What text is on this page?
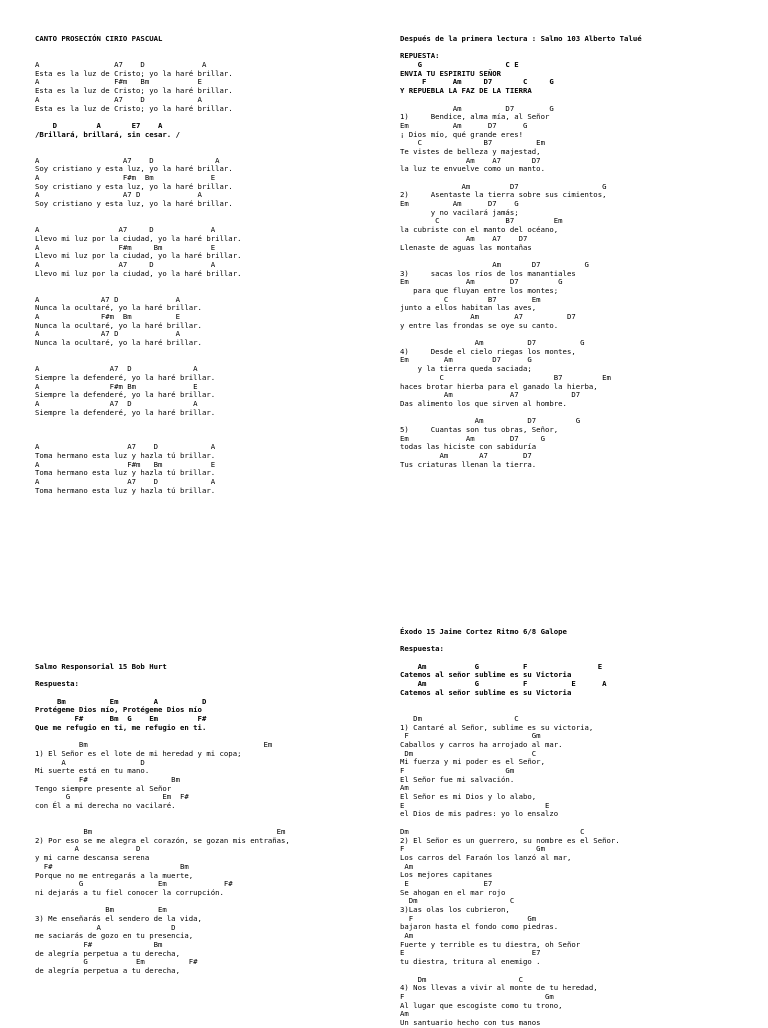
CANTO PROSECIÓN CIRIO PASCUAL
A                 A7    D             A
Esta es la luz de Cristo; yo la haré brillar.
A                 F#m   Bm           E
Esta es la luz de Cristo; yo la haré brillar.
A                 A7    D            A
Esta es la luz de Cristo; yo la haré brillar.
D         A       E7    A
/Brillará, brillará, sin cesar. /
A                   A7    D              A
Soy cristiano y esta luz, yo la haré brillar.
A                   F#m  Bm             E
Soy cristiano y esta luz, yo la haré brillar.
A                   A7 D             A
Soy cristiano y esta luz, yo la haré brillar.
A                  A7     D             A
Llevo mi luz por la ciudad, yo la haré brillar.
A                  F#m     Bm           E
Llevo mi luz por la ciudad, yo la haré brillar.
A                  A7     D             A
Llevo mi luz por la ciudad, yo la haré brillar.
A              A7 D             A
Nunca la ocultaré, yo la haré brillar.
A              F#m  Bm          E
Nunca la ocultaré, yo la haré brillar.
A              A7 D             A
Nunca la ocultaré, yo la haré brillar.
A                A7  D              A
Siempre la defenderé, yo la haré brillar.
A                F#m Bm             E
Siempre la defenderé, yo la haré brillar.
A                A7  D              A
Siempre la defenderé, yo la haré brillar.
A                    A7    D            A
Toma hermano esta luz y hazla tú brillar.
A                    F#m   Bm           E
Toma hermano esta luz y hazla tú brillar.
A                    A7    D            A
Toma hermano esta luz y hazla tú brillar.
Después de la primera lectura : Salmo 103 Alberto Talué
REPUESTA:
G                   C E
ENVIA TU ESPIRITU SEÑOR
F      Am     D7       C     G
Y REPUEBLA LA FAZ DE LA TIERRA
Am          D7        G
1)     Bendice, alma mía, al Señor
Em          Am      D7      G
¡ Dios mío, qué grande eres!
C              B7          Em
Te vistes de belleza y majestad,
Am    A7       D7
la luz te envuelve como un manto.
Am         D7                   G
2)     Asentaste la tierra sobre sus cimientos,
Em          Am      D7    G
y no vacilará jamás;
C               B7         Em
la cubriste con el manto del océano,
Am    A7    D7
Llenaste de aguas las montañas
Am       D7          G
3)     sacas los ríos de los manantiales
Em             Am        D7         G
para que fluyan entre los montes;
C         B7        Em
junto a ellos habitan las aves,
Am        A7          D7
y entre las frondas se oye su canto.
Am          D7          G
4)     Desde el cielo riegas los montes,
Em        Am         D7      G
y la tierra queda saciada;
C                         B7         Em
haces brotar hierba para el ganado la hierba,
Am             A7            D7
Das alimento los que sirven al hombre.
Am          D7         G
5)     Cuantas son tus obras, Señor,
Em             Am        D7     G
todas las hiciste con sabiduría
Am       A7        D7
Tus criaturas llenan la tierra.
Salmo Responsorial 15 Bob Hurt
Respuesta:
Bm          Em        A          D
Protégeme Dios mío, Protégeme Dios mío
F#      Bm  G    Em         F#
Que me refugio en ti, me refugio en ti.
Bm                                        Em
1) El Señor es el lote de mi heredad y mi copa;
A                 D
Mi suerte está en tu mano.
F#                   Bm
Tengo siempre presente al Señor
G                     Em  F#
con Él a mi derecha no vacilaré.
Bm                                          Em
2) Por eso se me alegra el corazón, se gozan mis entrañas,
A             D
y mi carne descansa serena
F#                             Bm
Porque no me entregarás a la muerte,
G                 Em             F#
ni dejarás a tu fiel conocer la corrupción.
Bm          Em
3) Me enseñarás el sendero de la vida,
A                D
me saciarás de gozo en tu presencia,
F#              Bm
de alegría perpetua a tu derecha,
G           Em          F#
de alegría perpetua a tu derecha,
Éxodo 15 Jaime Cortez Ritmo 6/8 Galope
Respuesta:
Am           G          F                E
Catemos al señor sublime es su Victoria
Am           G          F          E      A
Catemos al señor sublime es su Victoria
Dm                     C
1) Cantaré al Señor, sublime es su victoria,
F                            Gm
Caballos y carros ha arrojado al mar.
Dm                           C
Mi fuerza y mi poder es el Señor,
F                       Gm
El Señor fue mi salvación.
Am
El Señor es mi Dios y lo alabo,
E                                E
el Dios de mis padres: yo lo ensalzo
Dm                                       C
2) El Señor es un guerrero, su nombre es el Señor.
F                              Gm
Los carros del Faraón los lanzó al mar,
Am
Los mejores capitanes
E                 E7
Se ahogan en el mar rojo
Dm                     C
3)Las olas los cubrieron,
F                          Gm
bajaron hasta el fondo como piedras.
Am
Fuerte y terrible es tu diestra, oh Señor
E                             E7
tu diestra, tritura al enemigo .
Dm                     C
4) Nos llevas a vivir al monte de tu heredad,
F                                Gm
Al lugar que escogiste como tu trono,
Am
Un santuario hecho con tus manos
